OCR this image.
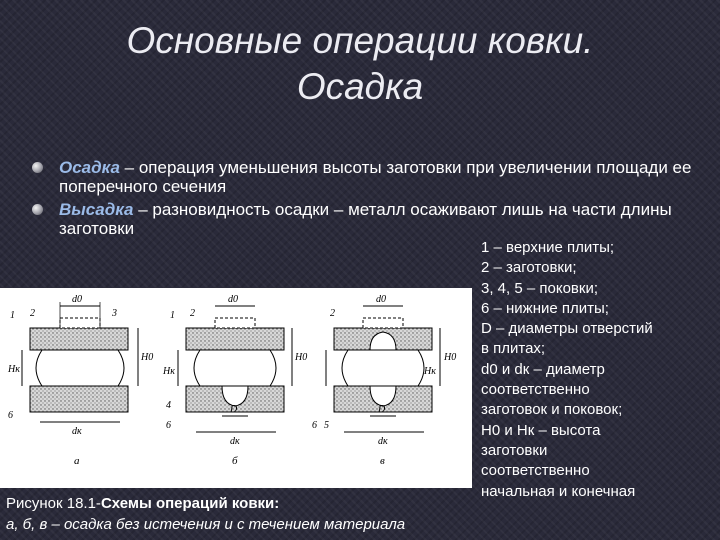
Основные операции ковки.
Осадка
Осадка – операция уменьшения высоты заготовки при увеличении площади ее поперечного сечения
Высадка – разновидность осадки – металл осаживают лишь на части длины заготовки
1 – верхние плиты;
2 – заготовки;
3, 4, 5 – поковки;
6 – нижние плиты;
D – диаметры отверстий
в плитах;
d0 и dк – диаметр
соответственно
заготовок и поковок;
H0 и Hк – высота
заготовки
соответственно
начальная и конечная
d0
dк
Hк
H0
1 2	3
6
а
d0
D
dк
Hк
H0
1 2
4
6
б
d0
D
dк
Hк
H0
2
5
6
в
Рисунок 18.1-Схемы операций ковки:
а, б, в – осадка без истечения и с течением материала
